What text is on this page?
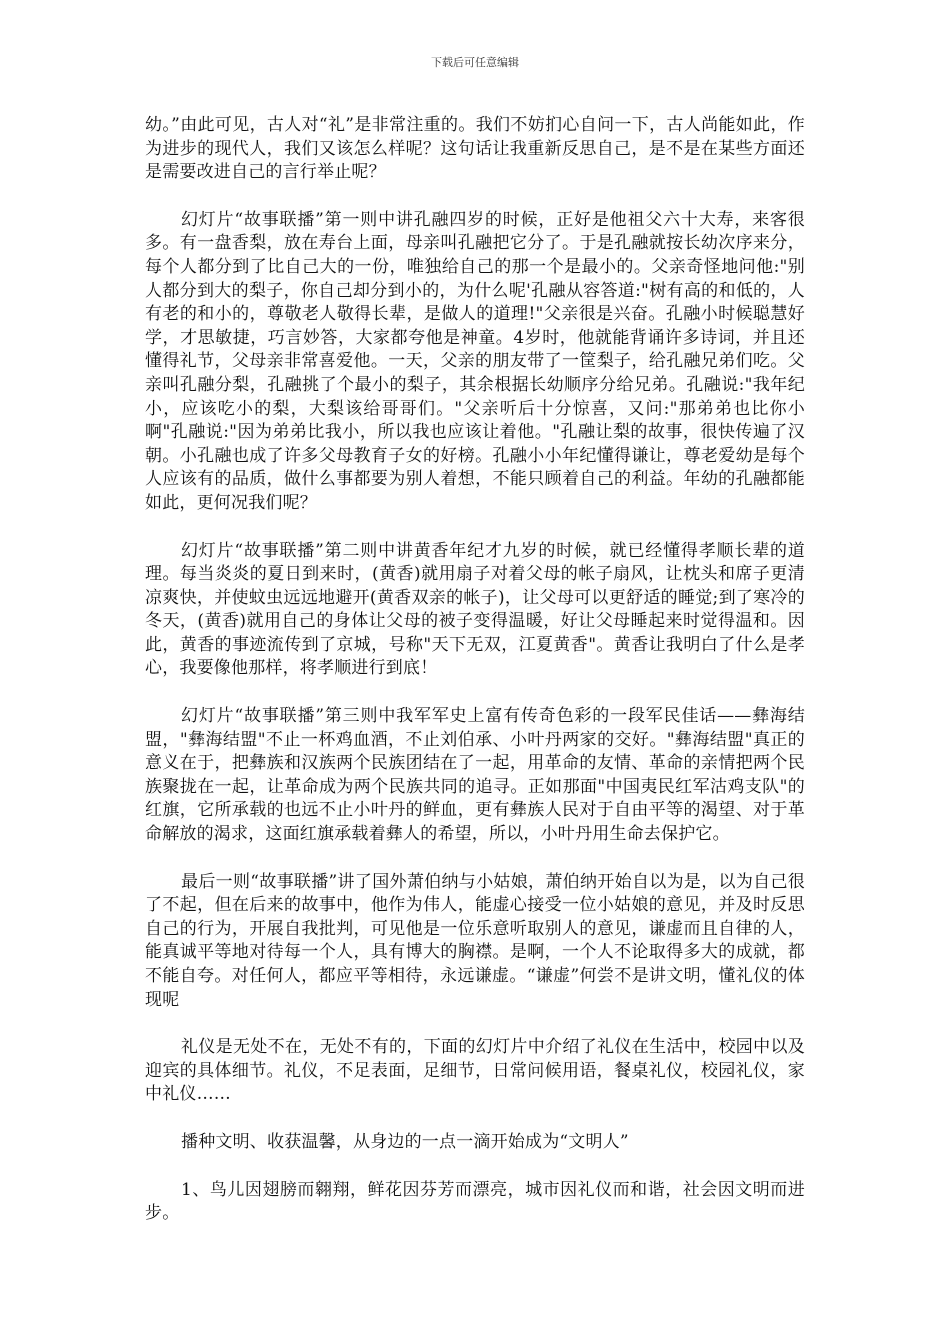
下载后可任意编辑

幼。”由此可见，古人对“礼”是非常注重的。我们不妨扪心自问一下，古人尚能如此，作为进步的现代人，我们又该怎么样呢？这句话让我重新反思自己，是不是在某些方面还是需要改进自己的言行举止呢？

幻灯片“故事联播”第一则中讲孔融四岁的时候，正好是他祖父六十大寿，来客很多。有一盘香梨，放在寿台上面，母亲叫孔融把它分了。于是孔融就按长幼次序来分，每个人都分到了比自己大的一份，唯独给自己的那一个是最小的。父亲奇怪地问他:"别人都分到大的梨子，你自己却分到小的，为什么呢'孔融从容答道:"树有高的和低的，人有老的和小的，尊敬老人敬得长辈，是做人的道理!"父亲很是兴奋。孔融小时候聪慧好学，才思敏捷，巧言妙答，大家都夸他是神童。4岁时，他就能背诵许多诗词，并且还懂得礼节，父母亲非常喜爱他。一天，父亲的朋友带了一筐梨子，给孔融兄弟们吃。父亲叫孔融分梨，孔融挑了个最小的梨子，其余根据长幼顺序分给兄弟。孔融说:"我年纪小，应该吃小的梨，大梨该给哥哥们。"父亲听后十分惊喜，又问:"那弟弟也比你小啊"孔融说:"因为弟弟比我小，所以我也应该让着他。"孔融让梨的故事，很快传遍了汉朝。小孔融也成了许多父母教育子女的好榜。孔融小小年纪懂得谦让，尊老爱幼是每个人应该有的品质，做什么事都要为别人着想，不能只顾着自己的利益。年幼的孔融都能如此，更何况我们呢？

幻灯片“故事联播”第二则中讲黄香年纪才九岁的时候，就已经懂得孝顺长辈的道理。每当炎炎的夏日到来时，(黄香)就用扇子对着父母的帐子扇风，让枕头和席子更清凉爽快，并使蚊虫远远地避开(黄香双亲的帐子)，让父母可以更舒适的睡觉;到了寒冷的冬天，(黄香)就用自己的身体让父母的被子变得温暖，好让父母睡起来时觉得温和。因此，黄香的事迹流传到了京城，号称"天下无双，江夏黄香"。黄香让我明白了什么是孝心，我要像他那样，将孝顺进行到底！

幻灯片“故事联播”第三则中我军军史上富有传奇色彩的一段军民佳话——彝海结盟，"彝海结盟"不止一杯鸡血酒，不止刘伯承、小叶丹两家的交好。"彝海结盟"真正的意义在于，把彝族和汉族两个民族团结在了一起，用革命的友情、革命的亲情把两个民族聚拢在一起，让革命成为两个民族共同的追寻。正如那面"中国夷民红军沽鸡支队"的红旗，它所承载的也远不止小叶丹的鲜血，更有彝族人民对于自由平等的渴望、对于革命解放的渴求，这面红旗承载着彝人的希望，所以，小叶丹用生命去保护它。

最后一则“故事联播”讲了国外萧伯纳与小姑娘，萧伯纳开始自以为是，以为自己很了不起，但在后来的故事中，他作为伟人，能虚心接受一位小姑娘的意见，并及时反思自己的行为，开展自我批判，可见他是一位乐意听取别人的意见，谦虚而且自律的人，能真诚平等地对待每一个人，具有博大的胸襟。是啊，一个人不论取得多大的成就，都不能自夸。对任何人，都应平等相待，永远谦虚。“谦虚”何尝不是讲文明，懂礼仪的体现呢

礼仪是无处不在，无处不有的，下面的幻灯片中介绍了礼仪在生活中，校园中以及迎宾的具体细节。礼仪，不足表面，足细节，日常问候用语，餐桌礼仪，校园礼仪，家中礼仪……

播种文明、收获温馨，从身边的一点一滴开始成为“文明人”

1、鸟儿因翅膀而翱翔，鲜花因芬芳而漂亮，城市因礼仪而和谐，社会因文明而进步。
